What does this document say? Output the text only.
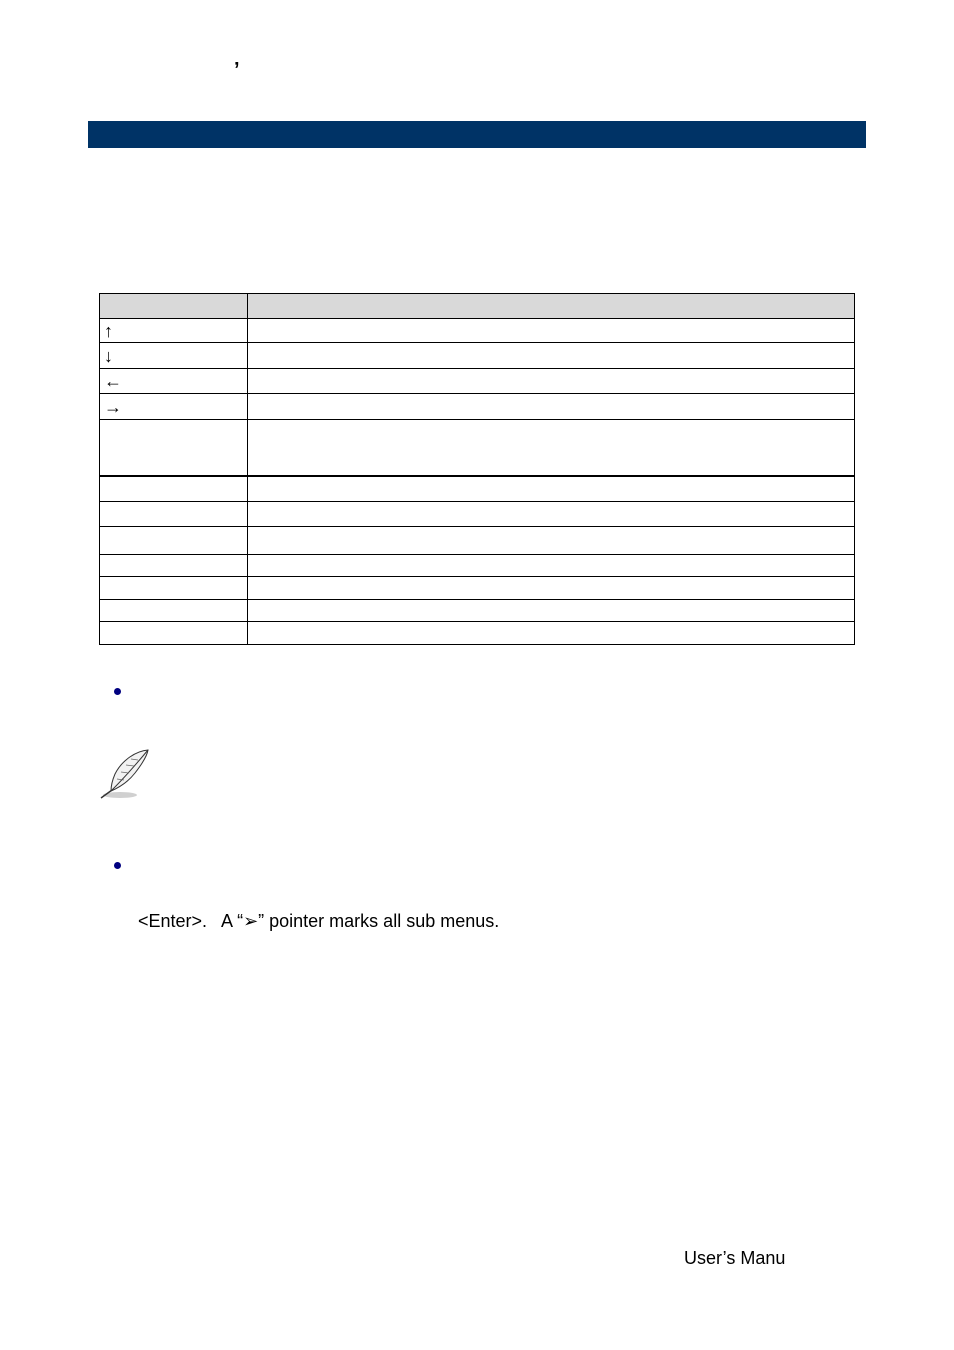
’

↑	
↓	
←	
→	

<Enter>.   A “➢” pointer marks all sub menus.
User’s Manu
